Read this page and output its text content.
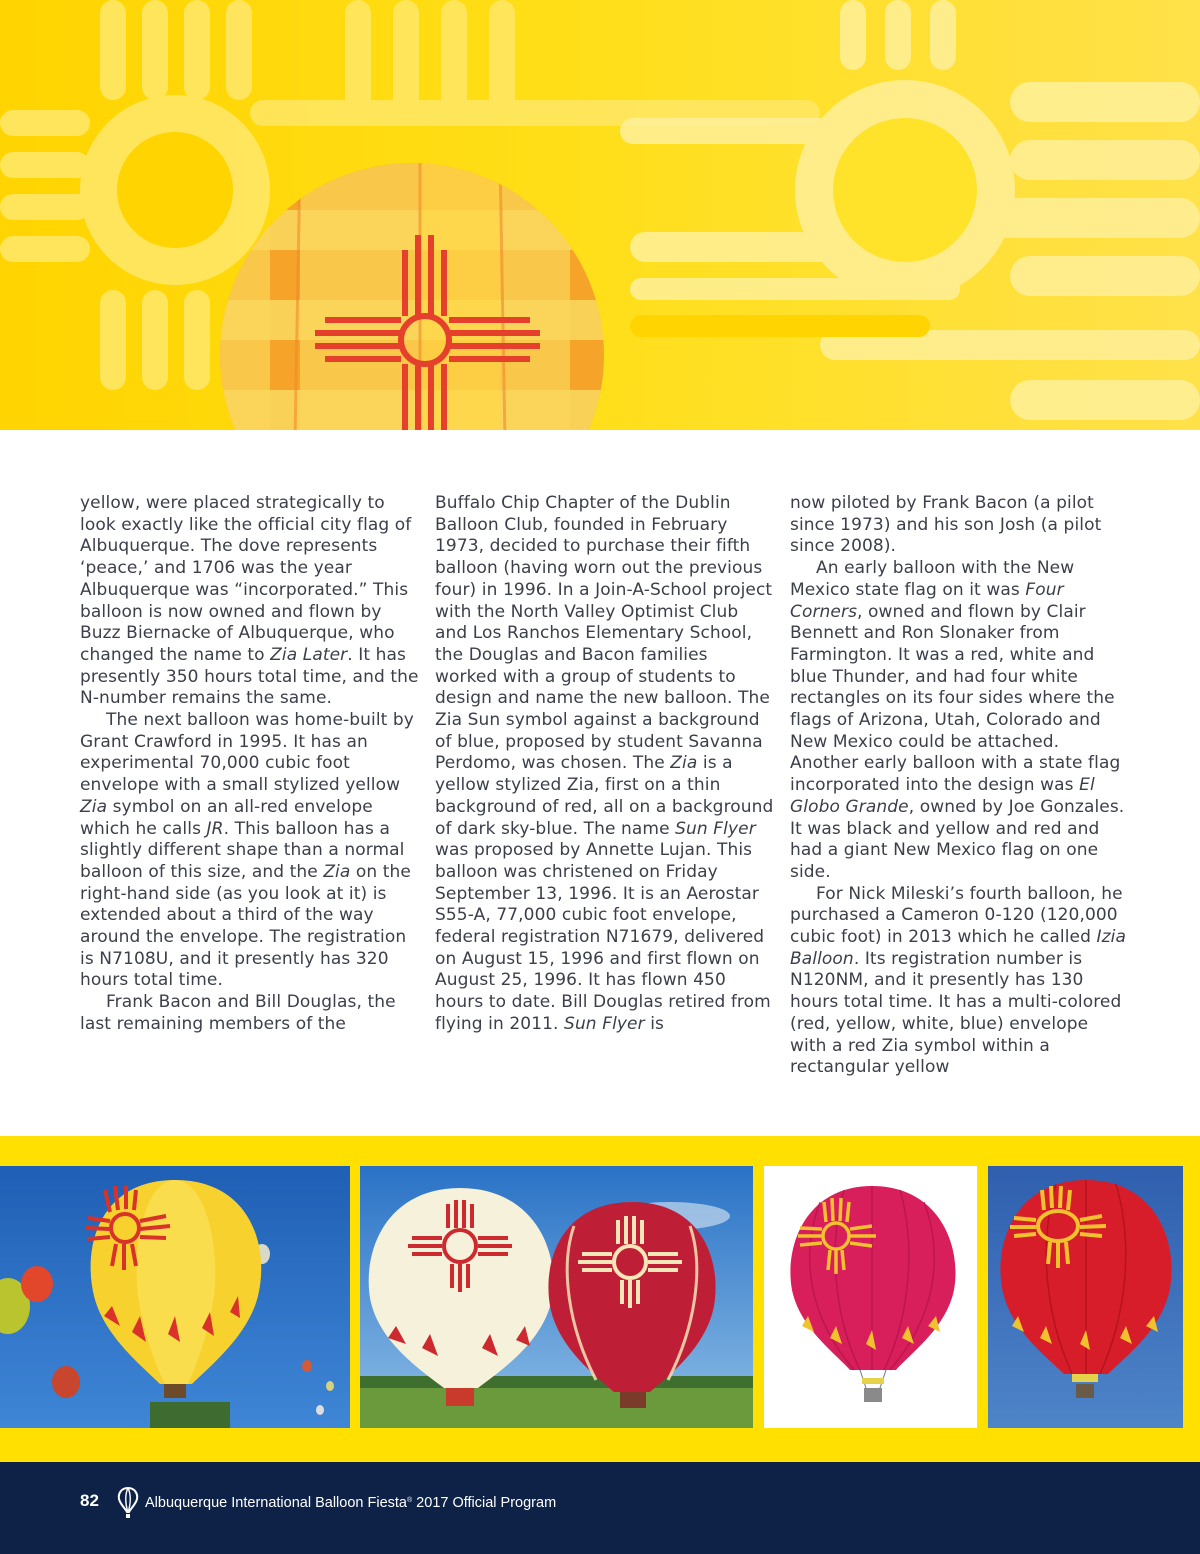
yellow, were placed strategically to look exactly like the official city flag of Albuquerque. The dove represents ‘peace,’ and 1706 was the year Albuquerque was “incorporated.” This balloon is now owned and flown by Buzz Biernacke of Albuquerque, who changed the name to Zia Later. It has presently 350 hours total time, and the N-number remains the same.

The next balloon was home-built by Grant Crawford in 1995. It has an experimental 70,000 cubic foot envelope with a small stylized yellow Zia symbol on an all-red envelope which he calls JR. This balloon has a slightly different shape than a normal balloon of this size, and the Zia on the right-hand side (as you look at it) is extended about a third of the way around the envelope. The registration is N7108U, and it presently has 320 hours total time.

Frank Bacon and Bill Douglas, the last remaining members of the

Buffalo Chip Chapter of the Dublin Balloon Club, founded in February 1973, decided to purchase their fifth balloon (having worn out the previous four) in 1996. In a Join-A-School project with the North Valley Optimist Club and Los Ranchos Elementary School, the Douglas and Bacon families worked with a group of students to design and name the new balloon. The Zia Sun symbol against a background of blue, proposed by student Savanna Perdomo, was chosen. The Zia is a yellow stylized Zia, first on a thin background of red, all on a background of dark sky-blue. The name Sun Flyer was proposed by Annette Lujan. This balloon was christened on Friday September 13, 1996. It is an Aerostar S55-A, 77,000 cubic foot envelope, federal registration N71679, delivered on August 15, 1996 and first flown on August 25, 1996. It has flown 450 hours to date. Bill Douglas retired from flying in 2011. Sun Flyer is

now piloted by Frank Bacon (a pilot since 1973) and his son Josh (a pilot since 2008).

An early balloon with the New Mexico state flag on it was Four Corners, owned and flown by Clair Bennett and Ron Slonaker from Farmington. It was a red, white and blue Thunder, and had four white rectangles on its four sides where the flags of Arizona, Utah, Colorado and New Mexico could be attached. Another early balloon with a state flag incorporated into the design was El Globo Grande, owned by Joe Gonzales. It was black and yellow and red and had a giant New Mexico flag on one side.

For Nick Mileski’s fourth balloon, he purchased a Cameron 0-120 (120,000 cubic foot) in 2013 which he called Izia Balloon. Its registration number is N120NM, and it presently has 130 hours total time. It has a multi-colored (red, yellow, white, blue) envelope with a red Zia symbol within a rectangular yellow

82	Albuquerque International Balloon Fiesta® 2017 Official Program
